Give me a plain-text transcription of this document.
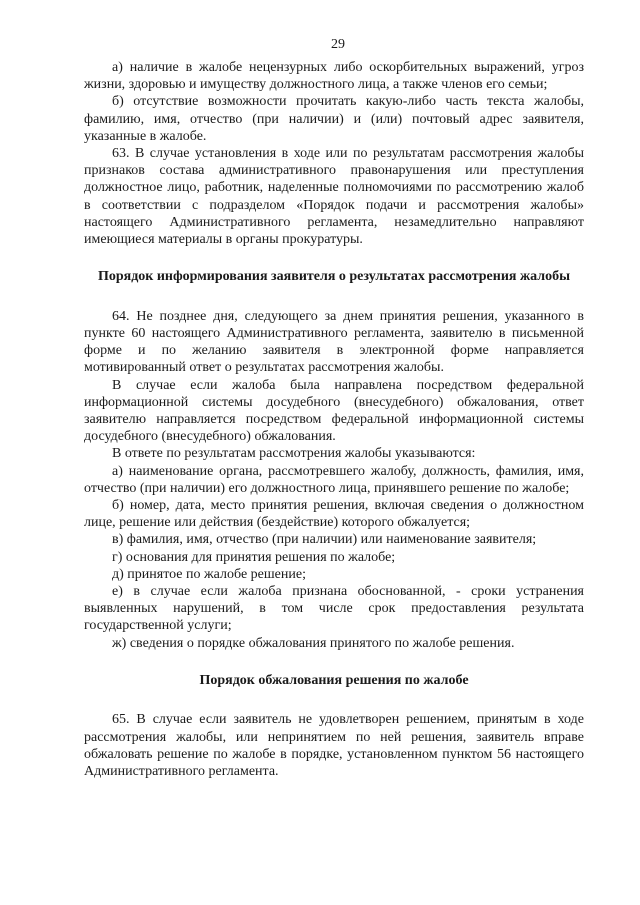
29

а) наличие в жалобе нецензурных либо оскорбительных выражений, угроз жизни, здоровью и имуществу должностного лица, а также членов его семьи;

б) отсутствие возможности прочитать какую-либо часть текста жалобы, фамилию, имя, отчество (при наличии) и (или) почтовый адрес заявителя, указанные в жалобе.

63. В случае установления в ходе или по результатам рассмотрения жалобы признаков состава административного правонарушения или преступления должностное лицо, работник, наделенные полномочиями по рассмотрению жалоб в соответствии с подразделом «Порядок подачи и рассмотрения жалобы» настоящего Административного регламента, незамедлительно направляют имеющиеся материалы в органы прокуратуры.

Порядок информирования заявителя о результатах рассмотрения жалобы

64. Не позднее дня, следующего за днем принятия решения, указанного в пункте 60 настоящего Административного регламента, заявителю в письменной форме и по желанию заявителя в электронной форме направляется мотивированный ответ о результатах рассмотрения жалобы.

В случае если жалоба была направлена посредством федеральной информационной системы досудебного (внесудебного) обжалования, ответ заявителю направляется посредством федеральной информационной системы досудебного (внесудебного) обжалования.

В ответе по результатам рассмотрения жалобы указываются:

а) наименование органа, рассмотревшего жалобу, должность, фамилия, имя, отчество (при наличии) его должностного лица, принявшего решение по жалобе;

б) номер, дата, место принятия решения, включая сведения о должностном лице, решение или действия (бездействие) которого обжалуется;

в) фамилия, имя, отчество (при наличии) или наименование заявителя;

г) основания для принятия решения по жалобе;

д) принятое по жалобе решение;

е) в случае если жалоба признана обоснованной, - сроки устранения выявленных нарушений, в том числе срок предоставления результата государственной услуги;

ж) сведения о порядке обжалования принятого по жалобе решения.

Порядок обжалования решения по жалобе

65. В случае если заявитель не удовлетворен решением, принятым в ходе рассмотрения жалобы, или непринятием по ней решения, заявитель вправе обжаловать решение по жалобе в порядке, установленном пунктом 56 настоящего Административного регламента.
